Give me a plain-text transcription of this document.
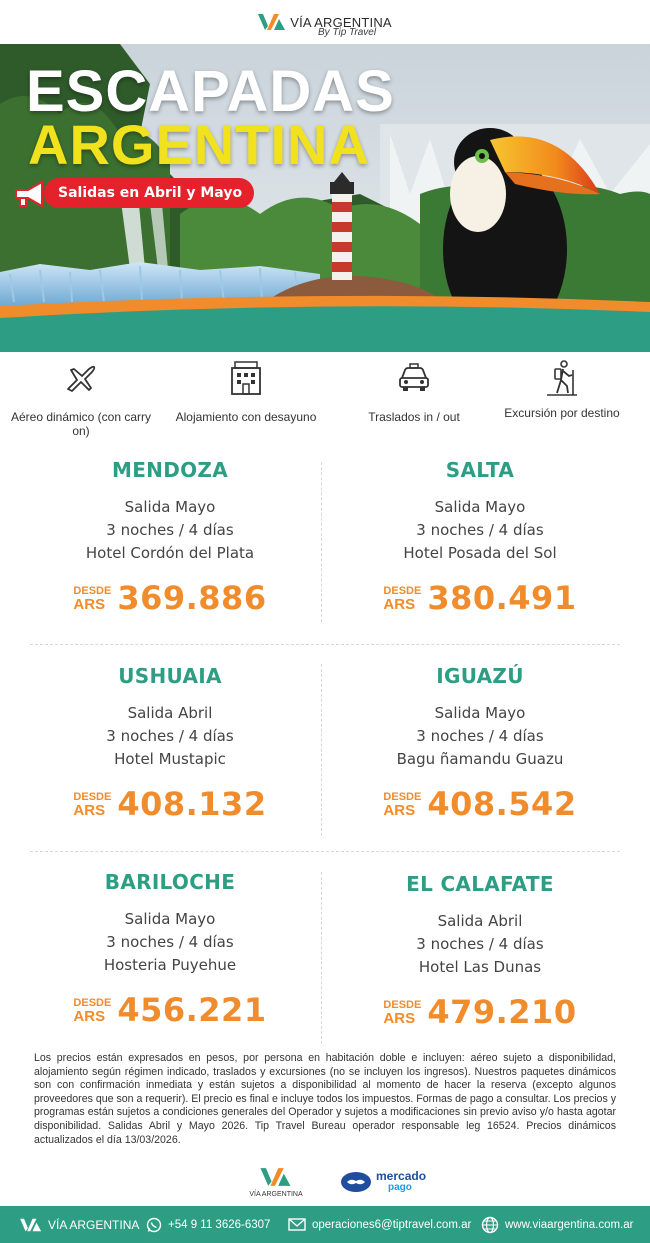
VÍA ARGENTINA
By Tip Travel
ESCAPADAS
ARGENTINA
Salidas en Abril y Mayo
Aéreo dinámico (con carry on)
Alojamiento con desayuno	Traslados in / out	Excursión por destino
MENDOZA
Salida Mayo
3 noches / 4 días
Hotel Cordón del Plata
DESDE
ARS 369.886
SALTA
Salida Mayo
3 noches / 4 días
Hotel Posada del Sol
DESDE
ARS 380.491
USHUAIA
Salida Abril
3 noches / 4 días
Hotel Mustapic
DESDE
ARS 408.132
IGUAZÚ
Salida Mayo
3 noches / 4 días
Bagu ñamandu Guazu
DESDE
ARS 408.542
BARILOCHE
Salida Mayo
3 noches / 4 días
Hosteria Puyehue
DESDE
ARS 456.221
EL CALAFATE
Salida Abril
3 noches / 4 días
Hotel Las Dunas
DESDE
ARS 479.210

Los precios están expresados en pesos, por persona en habitación doble e incluyen: aéreo sujeto a disponibilidad, alojamiento según régimen indicado, traslados y excursiones (no se incluyen los ingresos). Nuestros paquetes dinámicos son con confirmación inmediata y están sujetos a disponibilidad al momento de hacer la reserva (excepto algunos proveedores que son a requerir). El precio es final e incluye todos los impuestos. Formas de pago a consultar. Los precios y programas están sujetos a condiciones generales del Operador y sujetos a modificaciones sin previo aviso y/o hasta agotar disponibilidad. Salidas Abril y Mayo 2026. Tip Travel Bureau operador responsable leg 16524. Precios dinámicos actualizados el día 13/03/2026.

VÍA ARGENTINA
mercado
pago
VÍA ARGENTINA +54 9 11 3626-6307	operaciones6@tiptravel.com.ar	www.viaargentina.com.ar
